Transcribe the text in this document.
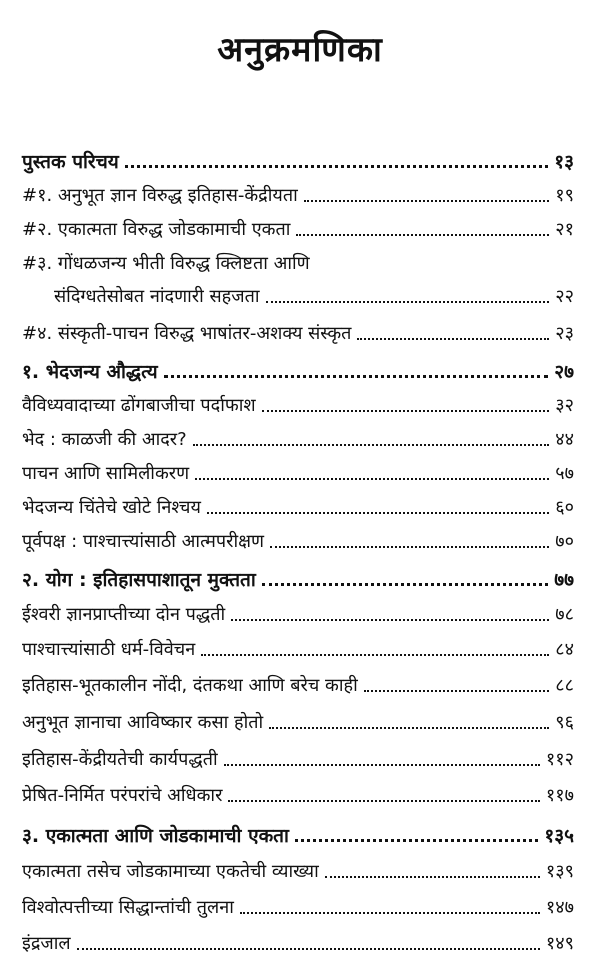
अनुक्रमणिका
पुस्तक परिचय	१३
#१. अनुभूत ज्ञान विरुद्ध इतिहास-केंद्रीयता	१९
#२. एकात्मता विरुद्ध जोडकामाची एकता	२१
#३. गोंधळजन्य भीती विरुद्ध क्लिष्टता आणि
संदिग्धतेसोबत नांदणारी सहजता	२२
#४. संस्कृती-पाचन विरुद्ध भाषांतर-अशक्य संस्कृत	२३
१. भेदजन्य औद्धत्य	२७
वैविध्यवादाच्या ढोंगबाजीचा पर्दाफाश	३२
भेद : काळजी की आदर?	४४
पाचन आणि सामिलीकरण	५७
भेदजन्य चिंतेचे खोटे निश्चय	६०
पूर्वपक्ष : पाश्चात्त्यांसाठी आत्मपरीक्षण	७०
२. योग : इतिहासपाशातून मुक्तता	७७
ईश्वरी ज्ञानप्राप्तीच्या दोन पद्धती	७८
पाश्चात्त्यांसाठी धर्म-विवेचन	८४
इतिहास-भूतकालीन नोंदी, दंतकथा आणि बरेच काही	८८
अनुभूत ज्ञानाचा आविष्कार कसा होतो	९६
इतिहास-केंद्रीयतेची कार्यपद्धती	११२
प्रेषित-निर्मित परंपरांचे अधिकार	११७
३. एकात्मता आणि जोडकामाची एकता	१३५
एकात्मता तसेच जोडकामाच्या एकतेची व्याख्या	१३९
विश्वोत्पत्तीच्या सिद्धान्तांची तुलना	१४७
इंद्रजाल	१४९
